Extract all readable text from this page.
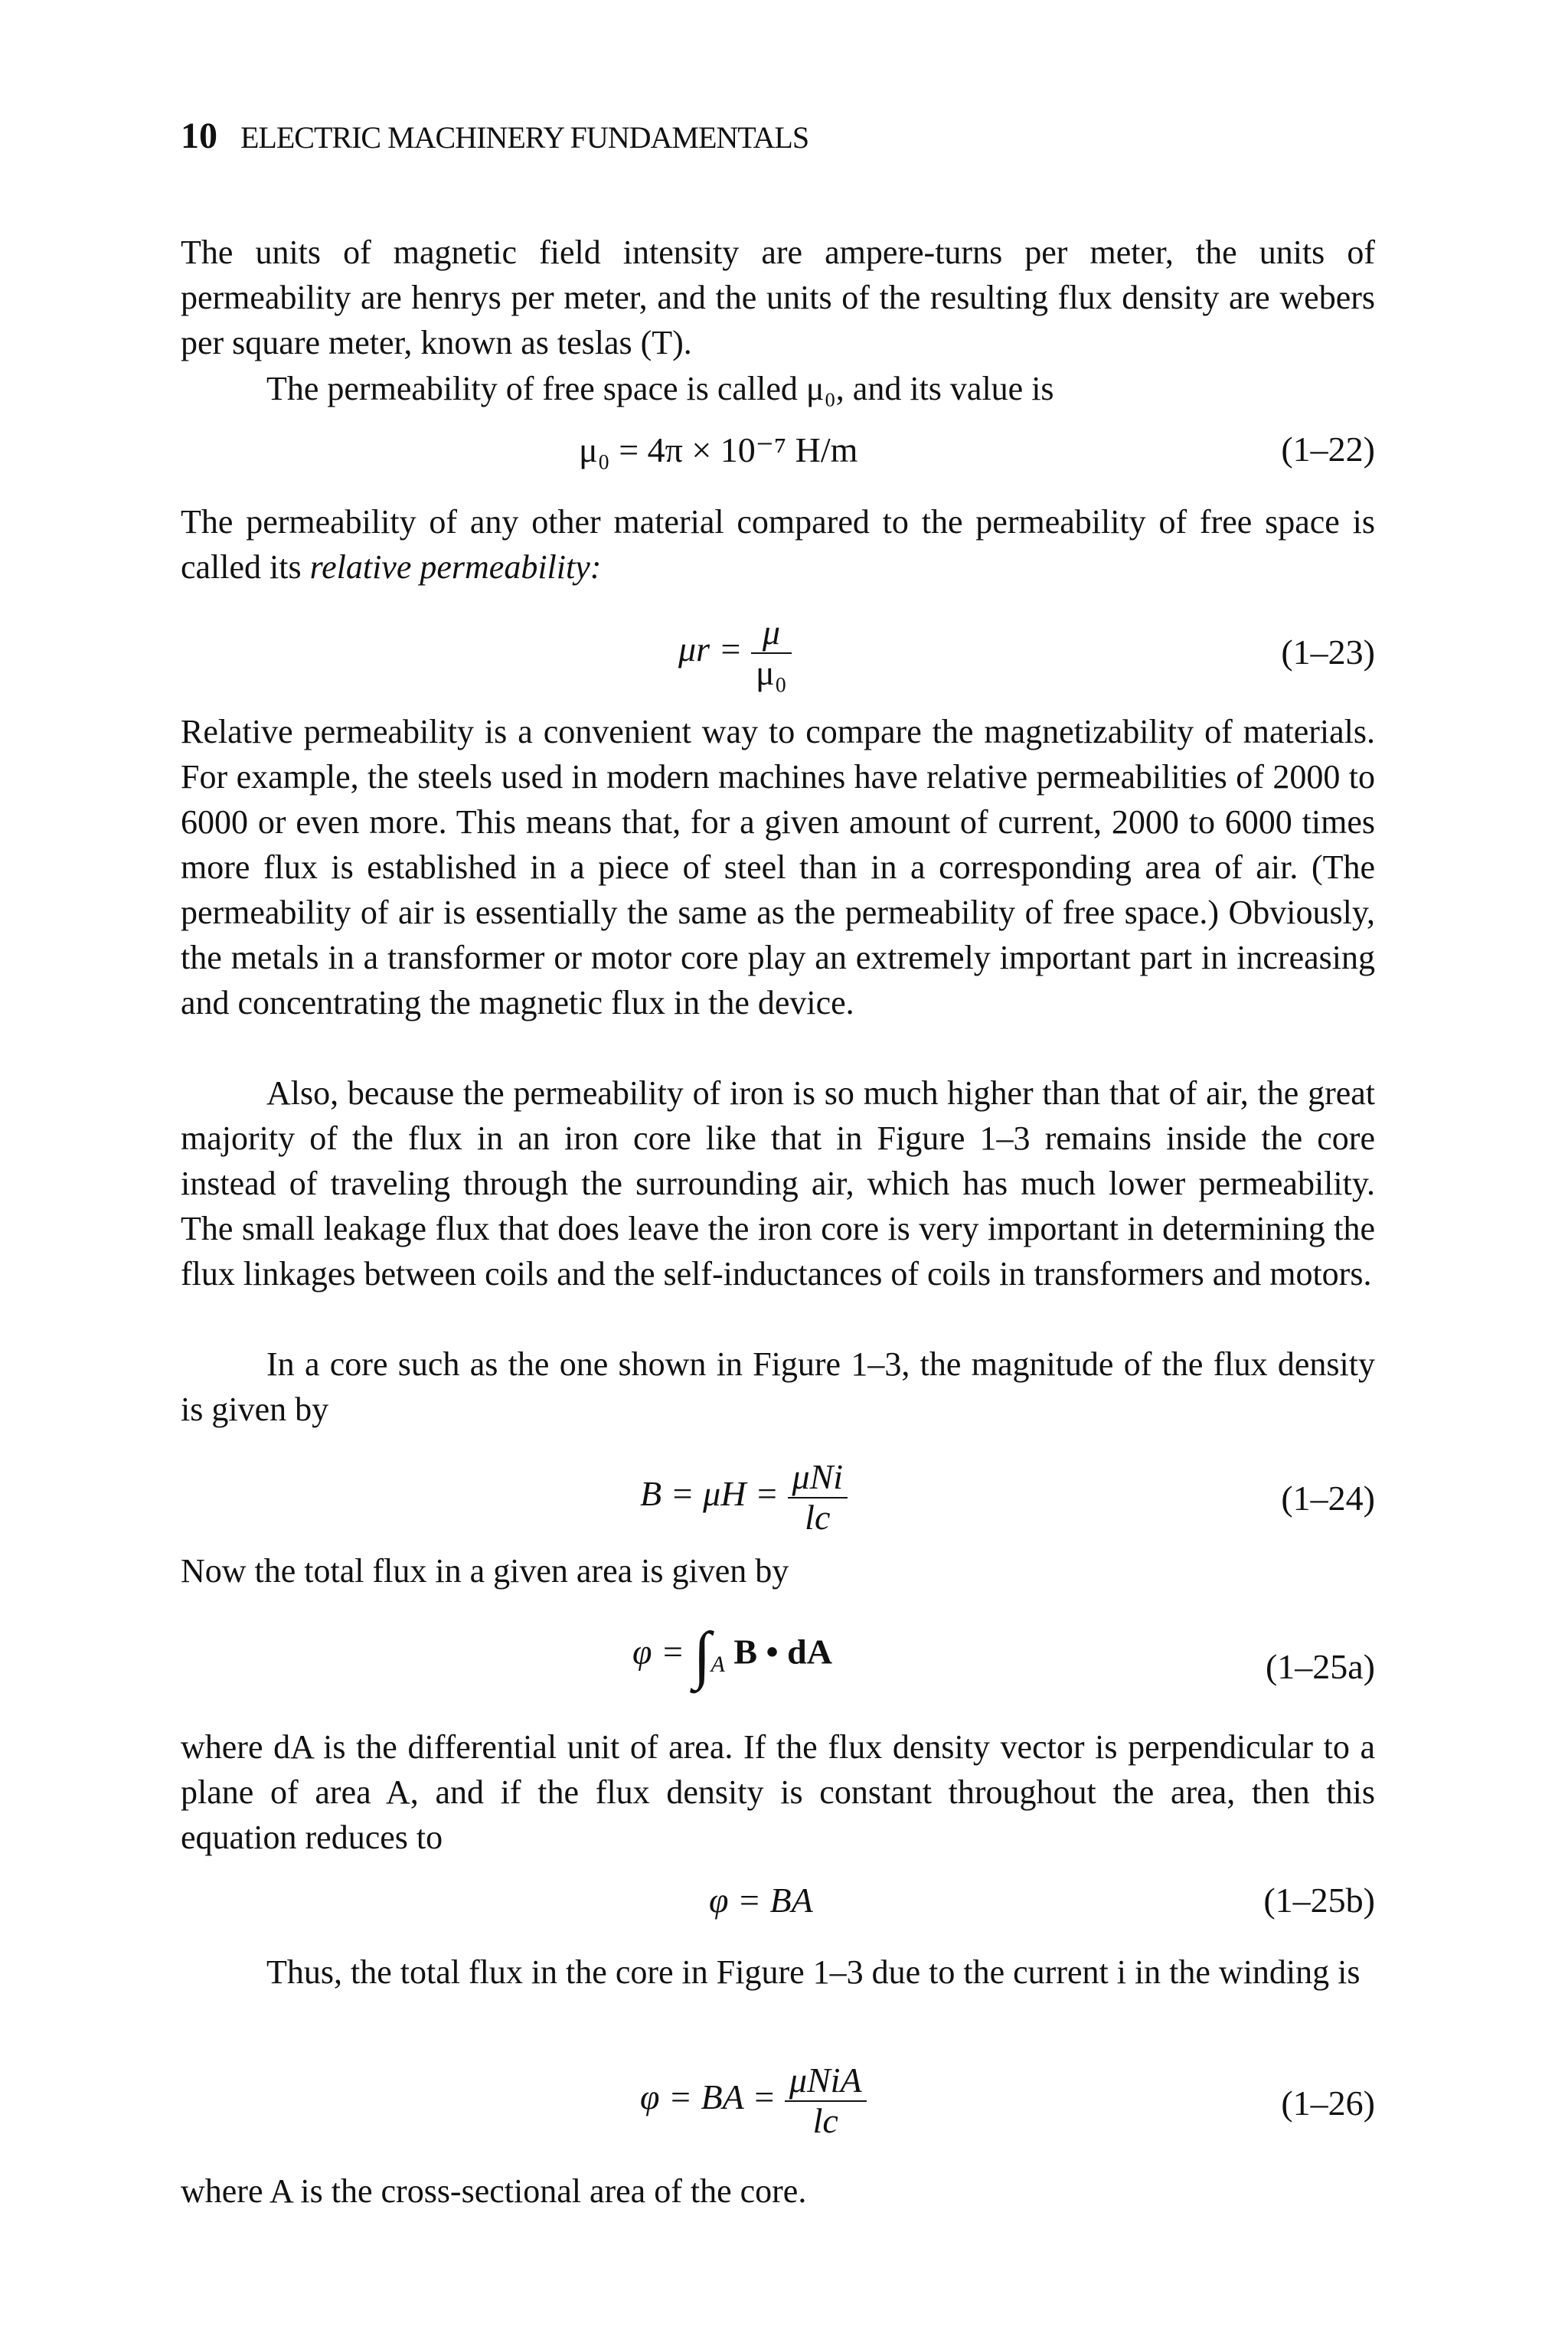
10 ELECTRIC MACHINERY FUNDAMENTALS
The units of magnetic field intensity are ampere-turns per meter, the units of permeability are henrys per meter, and the units of the resulting flux density are webers per square meter, known as teslas (T).
The permeability of free space is called μ₀, and its value is
μ₀ = 4π × 10⁻⁷ H/m	(1–22)
The permeability of any other material compared to the permeability of free space is called its relative permeability:
$\mu r = \frac{\mu}{\text{μ₀}}$	(1–23)
Relative permeability is a convenient way to compare the magnetizability of materials. For example, the steels used in modern machines have relative permeabilities of 2000 to 6000 or even more. This means that, for a given amount of current, 2000 to 6000 times more flux is established in a piece of steel than in a corresponding area of air. (The permeability of air is essentially the same as the permeability of free space.) Obviously, the metals in a transformer or motor core play an extremely important part in increasing and concentrating the magnetic flux in the device.
Also, because the permeability of iron is so much higher than that of air, the great majority of the flux in an iron core like that in Figure 1–3 remains inside the core instead of traveling through the surrounding air, which has much lower permeability. The small leakage flux that does leave the iron core is very important in determining the flux linkages between coils and the self-inductances of coils in transformers and motors.
In a core such as the one shown in Figure 1–3, the magnitude of the flux density is given by
$B = \mu H = \frac{\text{μNi}}{lc}$	(1–24)
Now the total flux in a given area is given by
$\varphi = \int_A$ B • dA	(1–25a)
where dA is the differential unit of area. If the flux density vector is perpendicular to a plane of area A, and if the flux density is constant throughout the area, then this equation reduces to
φ = BA	(1–25b)
Thus, the total flux in the core in Figure 1–3 due to the current i in the winding is
φ = BA = $\frac{\text{μNiA}}{lc}$	(1–26)
where A is the cross-sectional area of the core.
